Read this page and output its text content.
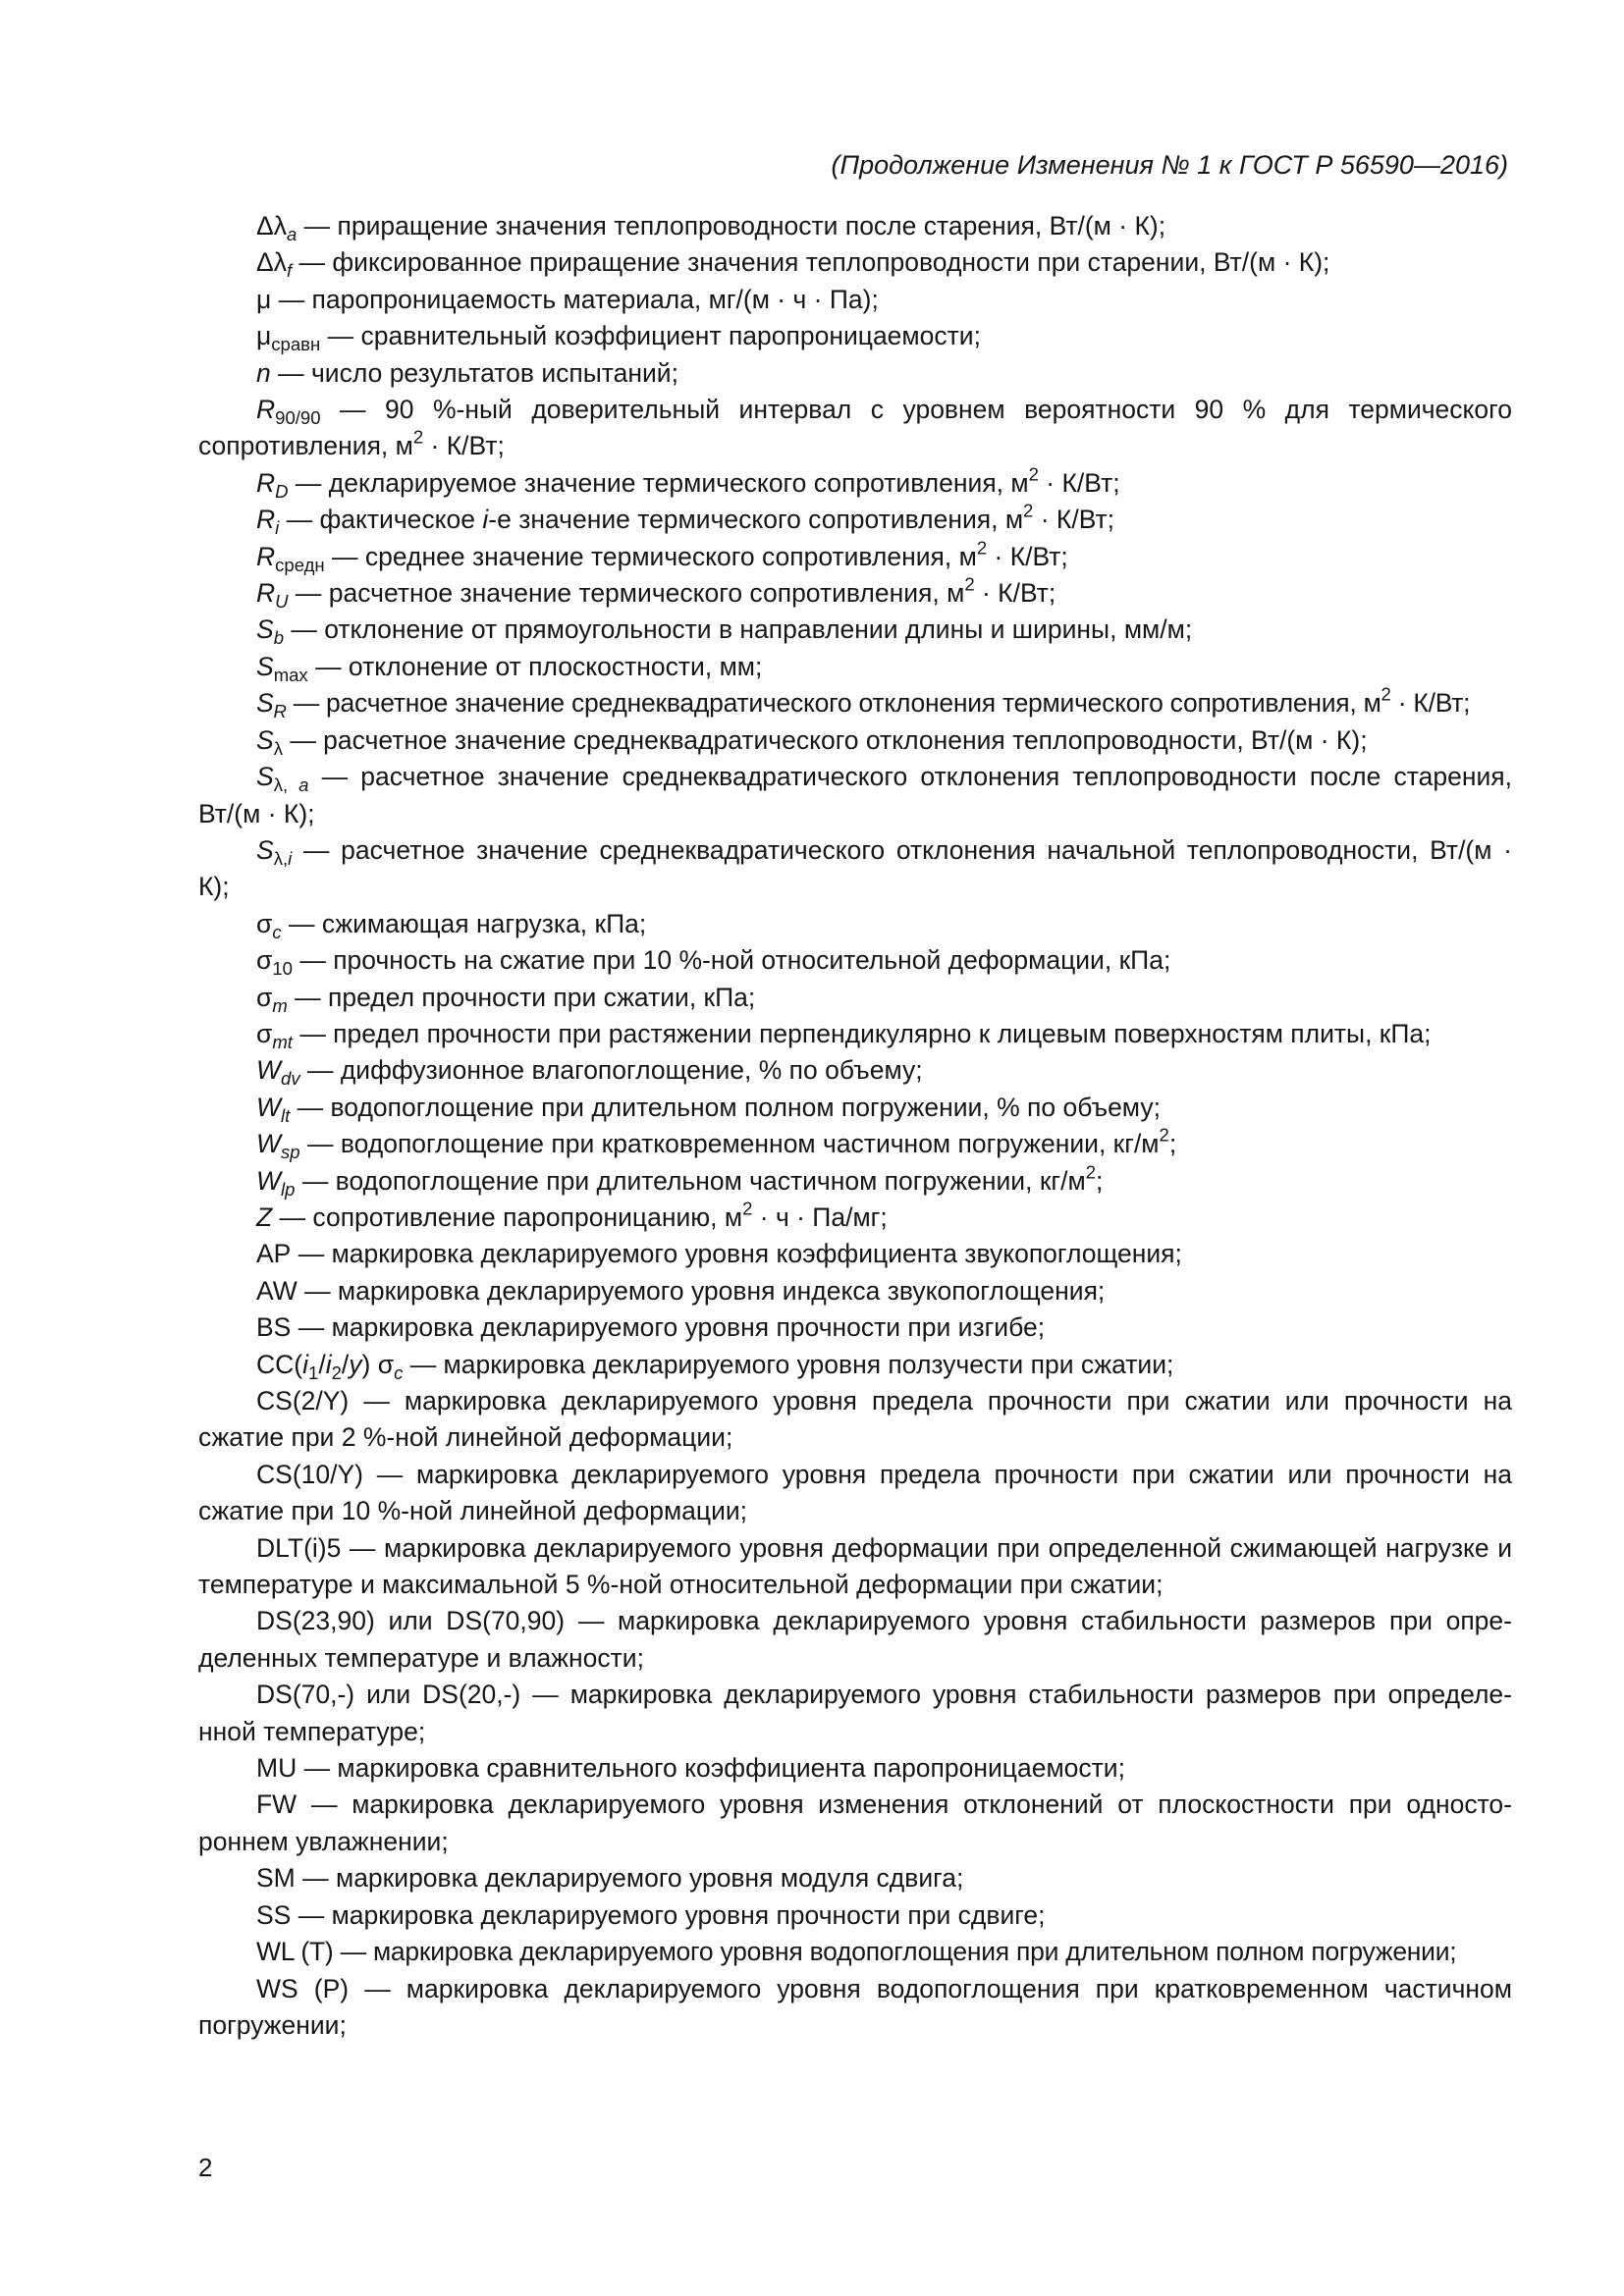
(Продолжение Изменения № 1 к ГОСТ Р 56590—2016)

$\Delta\lambda_a$ — приращение значения теплопроводности после старения, Вт/(м · К);

$\Delta\lambda_f$ — фиксированное приращение значения теплопроводности при старении, Вт/(м · К);

μ — паропроницаемость материала, мг/(м · ч · Па);

$\mu_{сравн}$ — сравнительный коэффициент паропроницаемости;

n — число результатов испытаний;

$R_{90/90}$ — 90 %-ный доверительный интервал с уровнем вероятности 90 % для термического сопротивления, $м^2 \cdot К/Вт$;

$R_D$ — декларируемое значение термического сопротивления, $м^2 \cdot К/Вт$;

$R_i$ — фактическое i-е значение термического сопротивления, $м^2 \cdot К/Вт$;

$R_{средн}$ — среднее значение термического сопротивления, $м^2 \cdot К/Вт$;

$R_U$ — расчетное значение термического сопротивления, $м^2 \cdot К/Вт$;

$S_b$ — отклонение от прямоугольности в направлении длины и ширины, мм/м;

$S_{max}$ — отклонение от плоскостности, мм;

$S_R$ — расчетное значение среднеквадратического отклонения термического сопротивления, $м^2 \cdot К/Вт$;

$S_\lambda$ — расчетное значение среднеквадратического отклонения теплопроводности, Вт/(м · К);

$S_{\lambda, a}$ — расчетное значение среднеквадратического отклонения теплопроводности после старения, Вт/(м · К);

$S_{\lambda,i}$ — расчетное значение среднеквадратического отклонения начальной теплопроводности, Вт/(м · К);

$\sigma_c$ — сжимающая нагрузка, кПа;

$\sigma_{10}$ — прочность на сжатие при 10 %-ной относительной деформации, кПа;

$\sigma_m$ — предел прочности при сжатии, кПа;

$\sigma_{mt}$ — предел прочности при растяжении перпендикулярно к лицевым поверхностям плиты, кПа;

$W_{dv}$ — диффузионное влагопоглощение, % по объему;

$W_{lt}$ — водопоглощение при длительном полном погружении, % по объему;

$W_{sp}$ — водопоглощение при кратковременном частичном погружении, $кг/м^2$;

$W_{lp}$ — водопоглощение при длительном частичном погружении, $кг/м^2$;

Z — сопротивление паропроницанию, $м^2 \cdot ч \cdot Па/мг$;

АР — маркировка декларируемого уровня коэффициента звукопоглощения;

AW — маркировка декларируемого уровня индекса звукопоглощения;

BS — маркировка декларируемого уровня прочности при изгибе;

$CC(i_1/i_2/y)$ $\sigma_c$ — маркировка декларируемого уровня ползучести при сжатии;

CS(2/Y) — маркировка декларируемого уровня предела прочности при сжатии или прочности на сжатие при 2 %-ной линейной деформации;

CS(10/Y) — маркировка декларируемого уровня предела прочности при сжатии или прочности на сжатие при 10 %-ной линейной деформации;

DLT(i)5 — маркировка декларируемого уровня деформации при определенной сжимающей нагрузке и температуре и максимальной 5 %-ной относительной деформации при сжатии;

DS(23,90) или DS(70,90) — маркировка декларируемого уровня стабильности размеров при определенных температуре и влажности;

DS(70,-) или DS(20,-) — маркировка декларируемого уровня стабильности размеров при определенной температуре;

MU — маркировка сравнительного коэффициента паропроницаемости;

FW — маркировка декларируемого уровня изменения отклонений от плоскостности при одностороннем увлажнении;

SM — маркировка декларируемого уровня модуля сдвига;

SS — маркировка декларируемого уровня прочности при сдвиге;

WL (T) — маркировка декларируемого уровня водопоглощения при длительном полном погружении;

WS (P) — маркировка декларируемого уровня водопоглощения при кратковременном частичном погружении;

2
